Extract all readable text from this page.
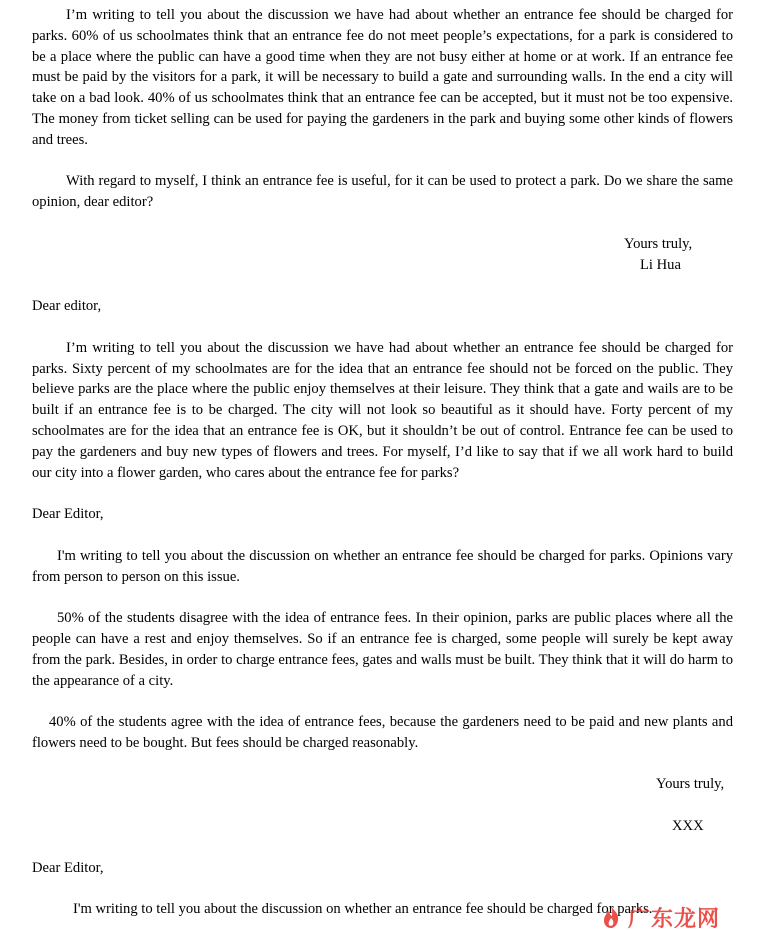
I’m writing to tell you about the discussion we have had about whether an entrance fee should be charged for parks. 60% of us schoolmates think that an entrance fee do not meet people’s expectations, for a park is considered to be a place where the public can have a good time when they are not busy either at home or at work. If an entrance fee must be paid by the visitors for a park, it will be necessary to build a gate and surrounding walls. In the end a city will take on a bad look. 40% of us schoolmates think that an entrance fee can be accepted, but it must not be too expensive. The money from ticket selling can be used for paying the gardeners in the park and buying some other kinds of flowers and trees.

With regard to myself, I think an entrance fee is useful, for it can be used to protect a park. Do we share the same opinion, dear editor?

Yours truly,

Li Hua

Dear editor,

I’m writing to tell you about the discussion we have had about whether an entrance fee should be charged for parks. Sixty percent of my schoolmates are for the idea that an entrance fee should not be forced on the public. They believe parks are the place where the public enjoy themselves at their leisure. They think that a gate and wails are to be built if an entrance fee is to be charged. The city will not look so beautiful as it should have. Forty percent of my schoolmates are for the idea that an entrance fee is OK, but it shouldn’t be out of control. Entrance fee can be used to pay the gardeners and buy new types of flowers and trees. For myself, I’d like to say that if we all work hard to build our city into a flower garden, who cares about the entrance fee for parks?

Dear Editor,

I'm writing to tell you about the discussion on whether an entrance fee should be charged for parks. Opinions vary from person to person on this issue.

50% of the students disagree with the idea of entrance fees. In their opinion, parks are public places where all the people can have a rest and enjoy themselves. So if an entrance fee is charged, some people will surely be kept away from the park. Besides, in order to charge entrance fees, gates and walls must be built. They think that it will do harm to the appearance of a city.

40% of the students agree with the idea of entrance fees, because the gardeners need to be paid and new plants and flowers need to be bought. But fees should be charged reasonably.

Yours truly,

XXX

Dear Editor,

I'm writing to tell you about the discussion on whether an entrance fee should be charged for parks.

广东龙网
